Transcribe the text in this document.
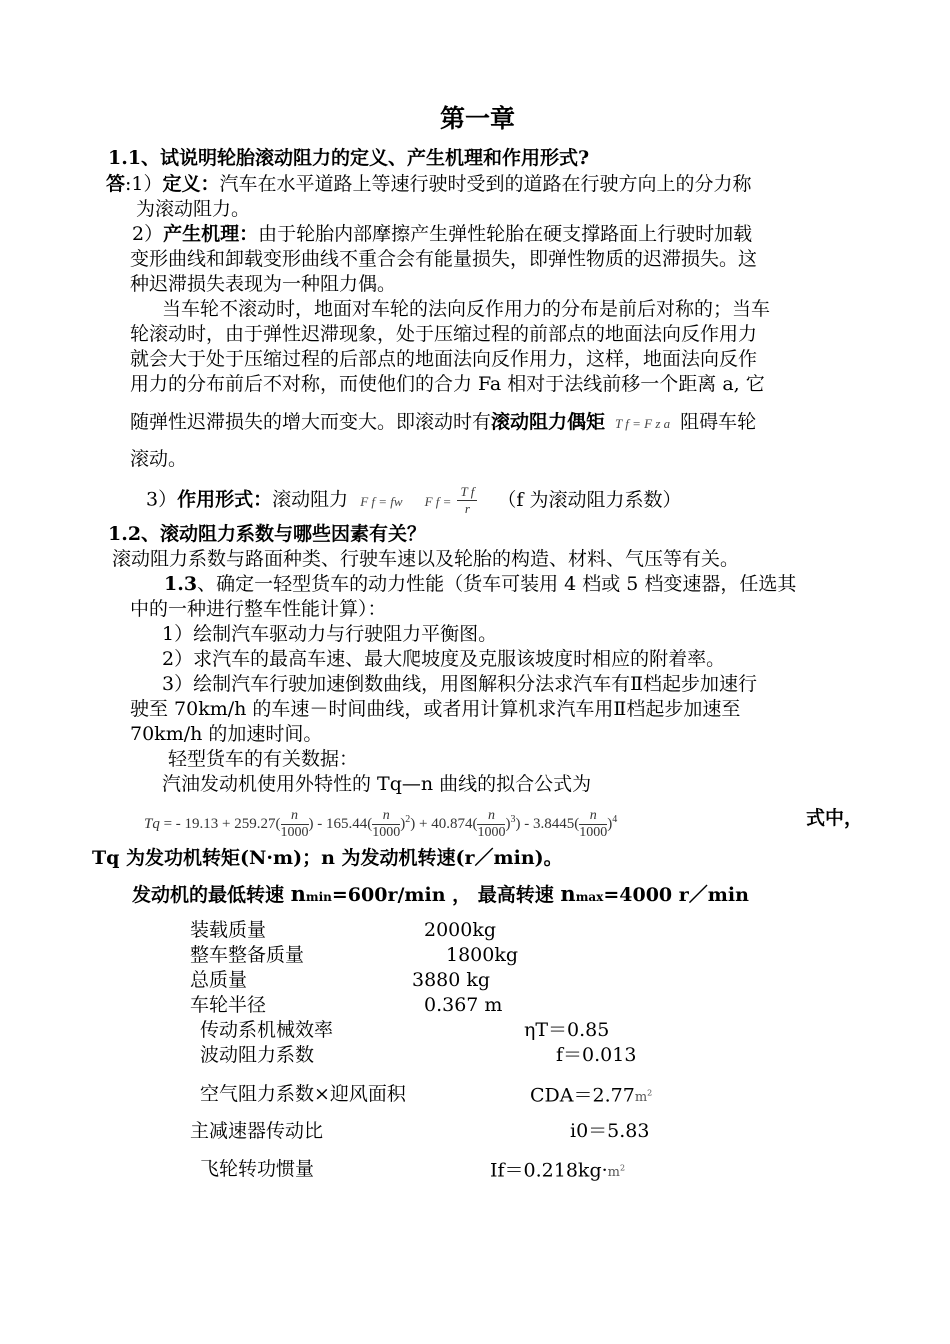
第一章
1.1、试说明轮胎滚动阻力的定义、产生机理和作用形式?
答:1）定义：汽车在水平道路上等速行驶时受到的道路在行驶方向上的分力称
为滚动阻力。
2）产生机理：由于轮胎内部摩擦产生弹性轮胎在硬支撑路面上行驶时加载
变形曲线和卸载变形曲线不重合会有能量损失，即弹性物质的迟滞损失。这
种迟滞损失表现为一种阻力偶。
当车轮不滚动时，地面对车轮的法向反作用力的分布是前后对称的；当车
轮滚动时，由于弹性迟滞现象，处于压缩过程的前部点的地面法向反作用力
就会大于处于压缩过程的后部点的地面法向反作用力，这样，地面法向反作
用力的分布前后不对称，而使他们的合力 Fa 相对于法线前移一个距离 a, 它
随弹性迟滞损失的增大而变大。即滚动时有滚动阻力偶矩 T f = F z a 阻碍车轮
滚动。
3）作用形式：滚动阻力 F f = fw F $f = \frac{\text{T f}}{r} (f$ 为滚动阻力系数）
1.2、滚动阻力系数与哪些因素有关？
滚动阻力系数与路面种类、行驶车速以及轮胎的构造、材料、气压等有关。
1.3、确定一轻型货车的动力性能（货车可装用 4 档或 5 档变速器，任选其
中的一种进行整车性能计算）：
1）绘制汽车驱动力与行驶阻力平衡图。
2）求汽车的最高车速、最大爬坡度及克服该坡度时相应的附着率。
3）绘制汽车行驶加速倒数曲线，用图解积分法求汽车有Ⅱ档起步加速行
驶至 70km/h 的车速－时间曲线，或者用计算机求汽车用Ⅱ档起步加速至
70km/h 的加速时间。
轻型货车的有关数据：
汽油发动机使用外特性的 Tq—n 曲线的拟合公式为
Tq = - $19.13 + 259.27( \frac{n}{1000}$ ) - $165.44( \frac{n}{1000} )^2) + 40.874( \frac{n}{1000} )^3) - 3.8445( \frac{n}{1000} )^4$	式中，
Tq 为发功机转矩(N·m)；n 为发动机转速(r／min)。
发动机的最低转速 nmin=600r/min ， 最高转速 nmax=4000 r／min
装载质量	2000kg
整车整备质量	1800kg
总质量	3880 kg
车轮半径	0.367 m
传动系机械效率	ηT＝0.85
波动阻力系数	f＝0.013
空气阻力系数×迎风面积	$CDA=2.77m^2$
主减速器传动比	i0＝5.83
飞轮转功惯量	$If=0.218kg\cdot m^2$
